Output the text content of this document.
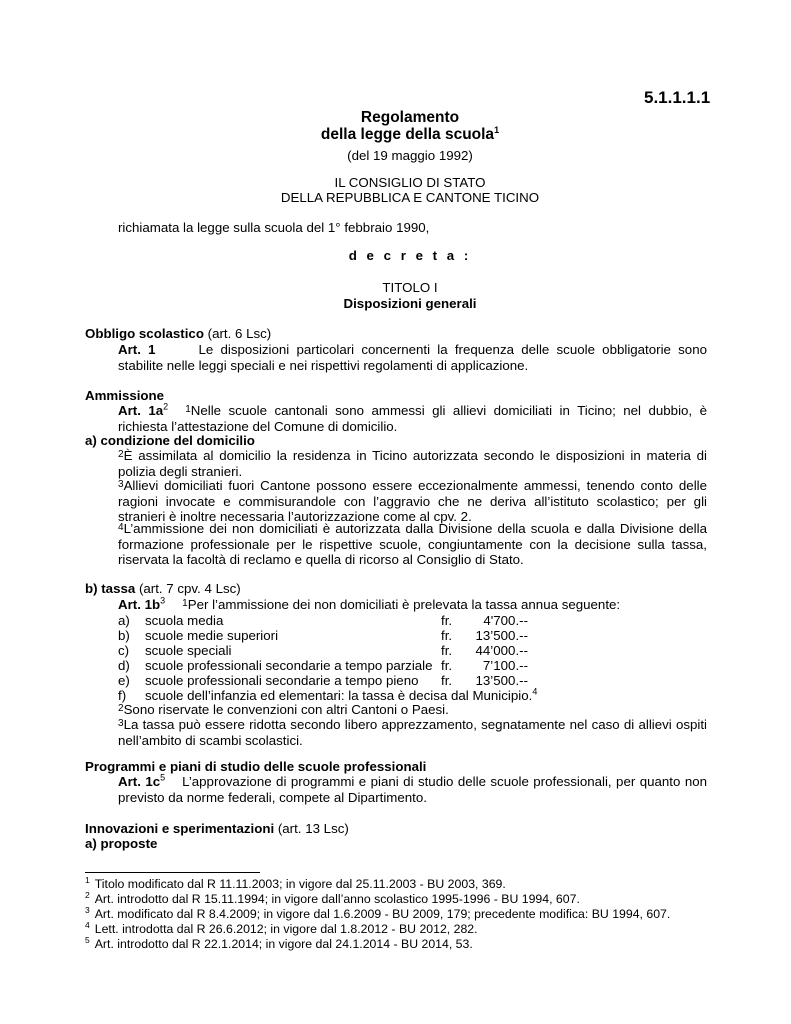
5.1.1.1.1
Regolamento
della legge della scuola$^1$
(del 19 maggio 1992)
IL CONSIGLIO DI STATO
DELLA REPUBBLICA E CANTONE TICINO
richiamata la legge sulla scuola del 1° febbraio 1990,
d e c r e t a :
TITOLO I
Disposizioni generali
Obbligo scolastico (art. 6 Lsc)
Art. 1	Le disposizioni particolari concernenti la frequenza delle scuole obbligatorie sono stabilite nelle leggi speciali e nei rispettivi regolamenti di applicazione.
Ammissione
Art. $1a^2$ $^1$Nelle scuole cantonali sono ammessi gli allievi domiciliati in Ticino; nel dubbio, è richiesta l’attestazione del Comune di domicilio.
a) condizione del domicilio
$^2$È assimilata al domicilio la residenza in Ticino autorizzata secondo le disposizioni in materia di polizia degli stranieri.
$^3$Allievi domiciliati fuori Cantone possono essere eccezionalmente ammessi, tenendo conto delle ragioni invocate e commisurandole con l’aggravio che ne deriva all’istituto scolastico; per gli stranieri è inoltre necessaria l’autorizzazione come al cpv. 2.
$^4$L’ammissione dei non domiciliati è autorizzata dalla Divisione della scuola e dalla Divisione della formazione professionale per le rispettive scuole, congiuntamente con la decisione sulla tassa, riservata la facoltà di reclamo e quella di ricorso al Consiglio di Stato.
b) tassa (art. 7 cpv. 4 Lsc)
Art. $1b^3$ $^1$Per l’ammissione dei non domiciliati è prelevata la tassa annua seguente:
a) scuola media	fr.	4'700.--
b) scuole medie superiori	fr.	13’500.--
c) scuole speciali	fr.	44’000.--
d) scuole professionali secondarie a tempo parziale fr.	7’100.--
e) scuole professionali secondarie a tempo pieno fr.	13’500.--
f) scuole dell’infanzia ed elementari: la tassa è decisa dal Municipio.$^4$
$^2$Sono riservate le convenzioni con altri Cantoni o Paesi.
$^3$La tassa può essere ridotta secondo libero apprezzamento, segnatamente nel caso di allievi ospiti nell’ambito di scambi scolastici.
Programmi e piani di studio delle scuole professionali
Art. $1c^5$ L’approvazione di programmi e piani di studio delle scuole professionali, per quanto non previsto da norme federali, compete al Dipartimento.
Innovazioni e sperimentazioni (art. 13 Lsc)
a) proposte
$^1$ Titolo modificato dal R 11.11.2003; in vigore dal 25.11.2003 - BU 2003, 369.
$^2$ Art. introdotto dal R 15.11.1994; in vigore dall’anno scolastico 1995-1996 - BU 1994, 607.
$^3$ Art. modificato dal R 8.4.2009; in vigore dal 1.6.2009 - BU 2009, 179; precedente modifica: BU 1994, 607.
$^4$ Lett. introdotta dal R 26.6.2012; in vigore dal 1.8.2012 - BU 2012, 282.
$^5$ Art. introdotto dal R 22.1.2014; in vigore dal 24.1.2014 - BU 2014, 53.
